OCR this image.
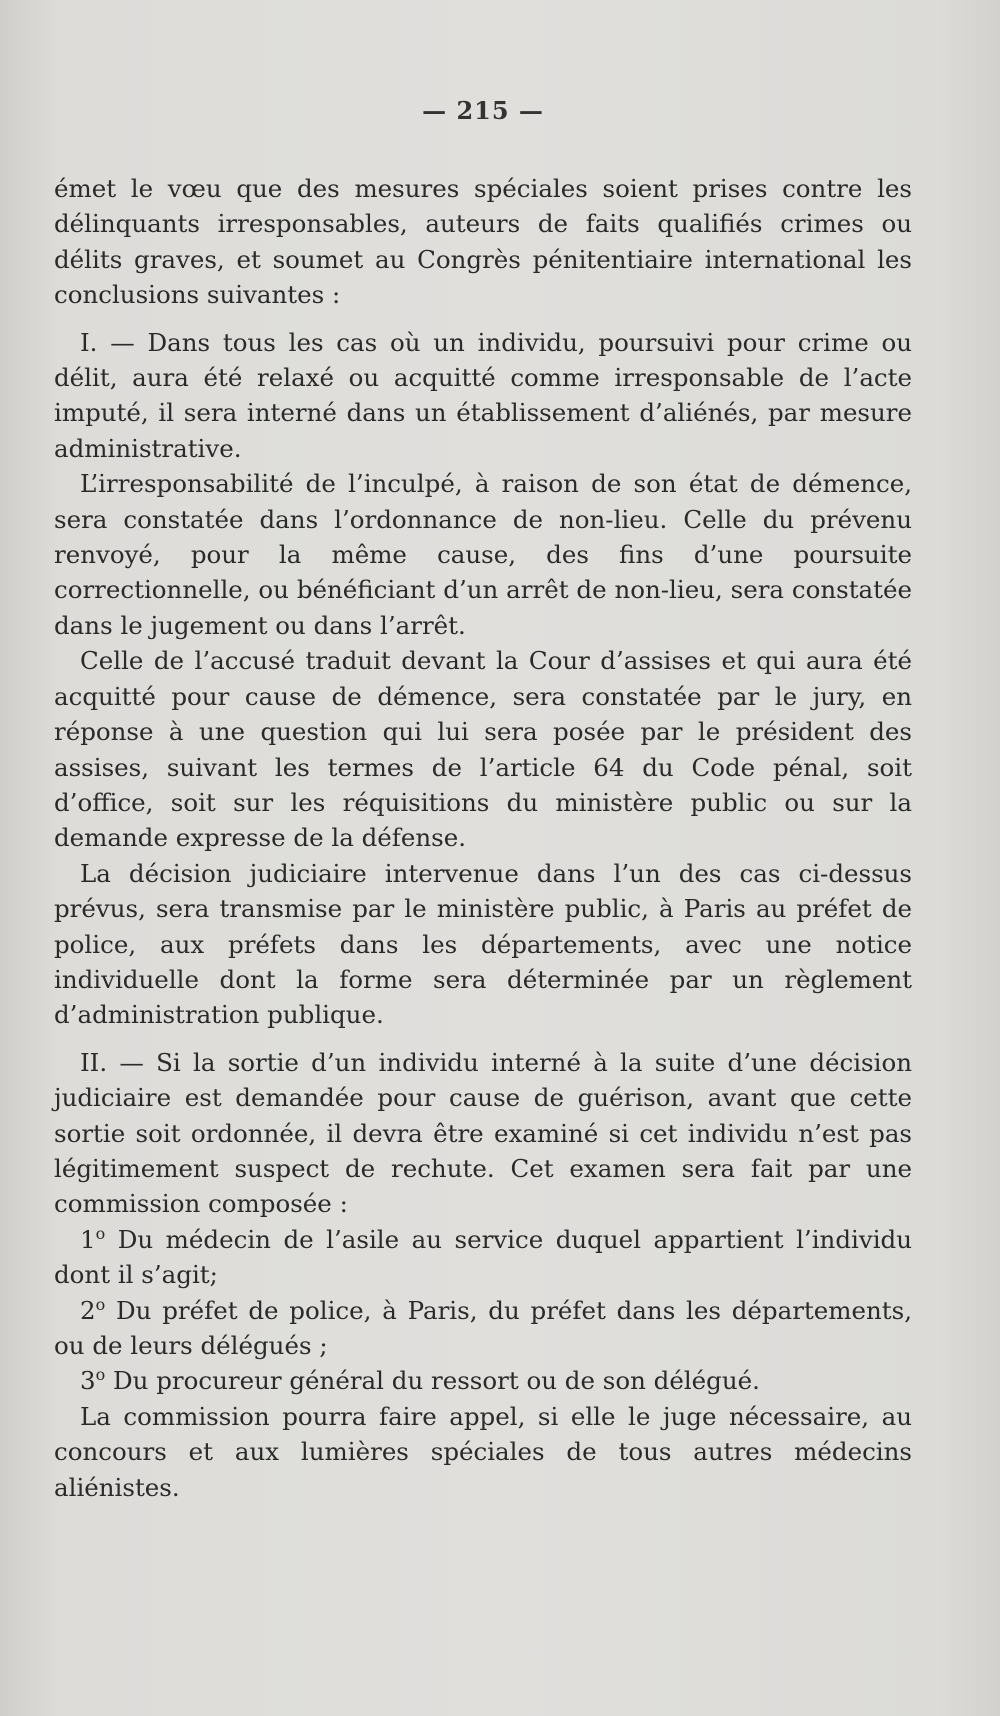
— 215 —

émet le vœu que des mesures spéciales soient prises contre les délinquants irresponsables, auteurs de faits qualifiés crimes ou délits graves, et soumet au Congrès pénitentiaire international les conclusions suivantes :

I. — Dans tous les cas où un individu, poursuivi pour crime ou délit, aura été relaxé ou acquitté comme irresponsable de l’acte imputé, il sera interné dans un établissement d’aliénés, par mesure administrative.

L’irresponsabilité de l’inculpé, à raison de son état de démence, sera constatée dans l’ordonnance de non-lieu. Celle du prévenu renvoyé, pour la même cause, des fins d’une poursuite correctionnelle, ou bénéficiant d’un arrêt de non-lieu, sera constatée dans le jugement ou dans l’arrêt.

Celle de l’accusé traduit devant la Cour d’assises et qui aura été acquitté pour cause de démence, sera constatée par le jury, en réponse à une question qui lui sera posée par le président des assises, suivant les termes de l’article 64 du Code pénal, soit d’office, soit sur les réquisitions du ministère public ou sur la demande expresse de la défense.

La décision judiciaire intervenue dans l’un des cas ci-dessus prévus, sera transmise par le ministère public, à Paris au préfet de police, aux préfets dans les départements, avec une notice individuelle dont la forme sera déterminée par un règlement d’administration publique.

II. — Si la sortie d’un individu interné à la suite d’une décision judiciaire est demandée pour cause de guérison, avant que cette sortie soit ordonnée, il devra être examiné si cet individu n’est pas légitimement suspect de rechute. Cet examen sera fait par une commission composée :

1$^o$ Du médecin de l’asile au service duquel appartient l’individu dont il s’agit;

2$^o$ Du préfet de police, à Paris, du préfet dans les départements, ou de leurs délégués ;

3$^o$ Du procureur général du ressort ou de son délégué.

La commission pourra faire appel, si elle le juge nécessaire, au concours et aux lumières spéciales de tous autres médecins aliénistes.
